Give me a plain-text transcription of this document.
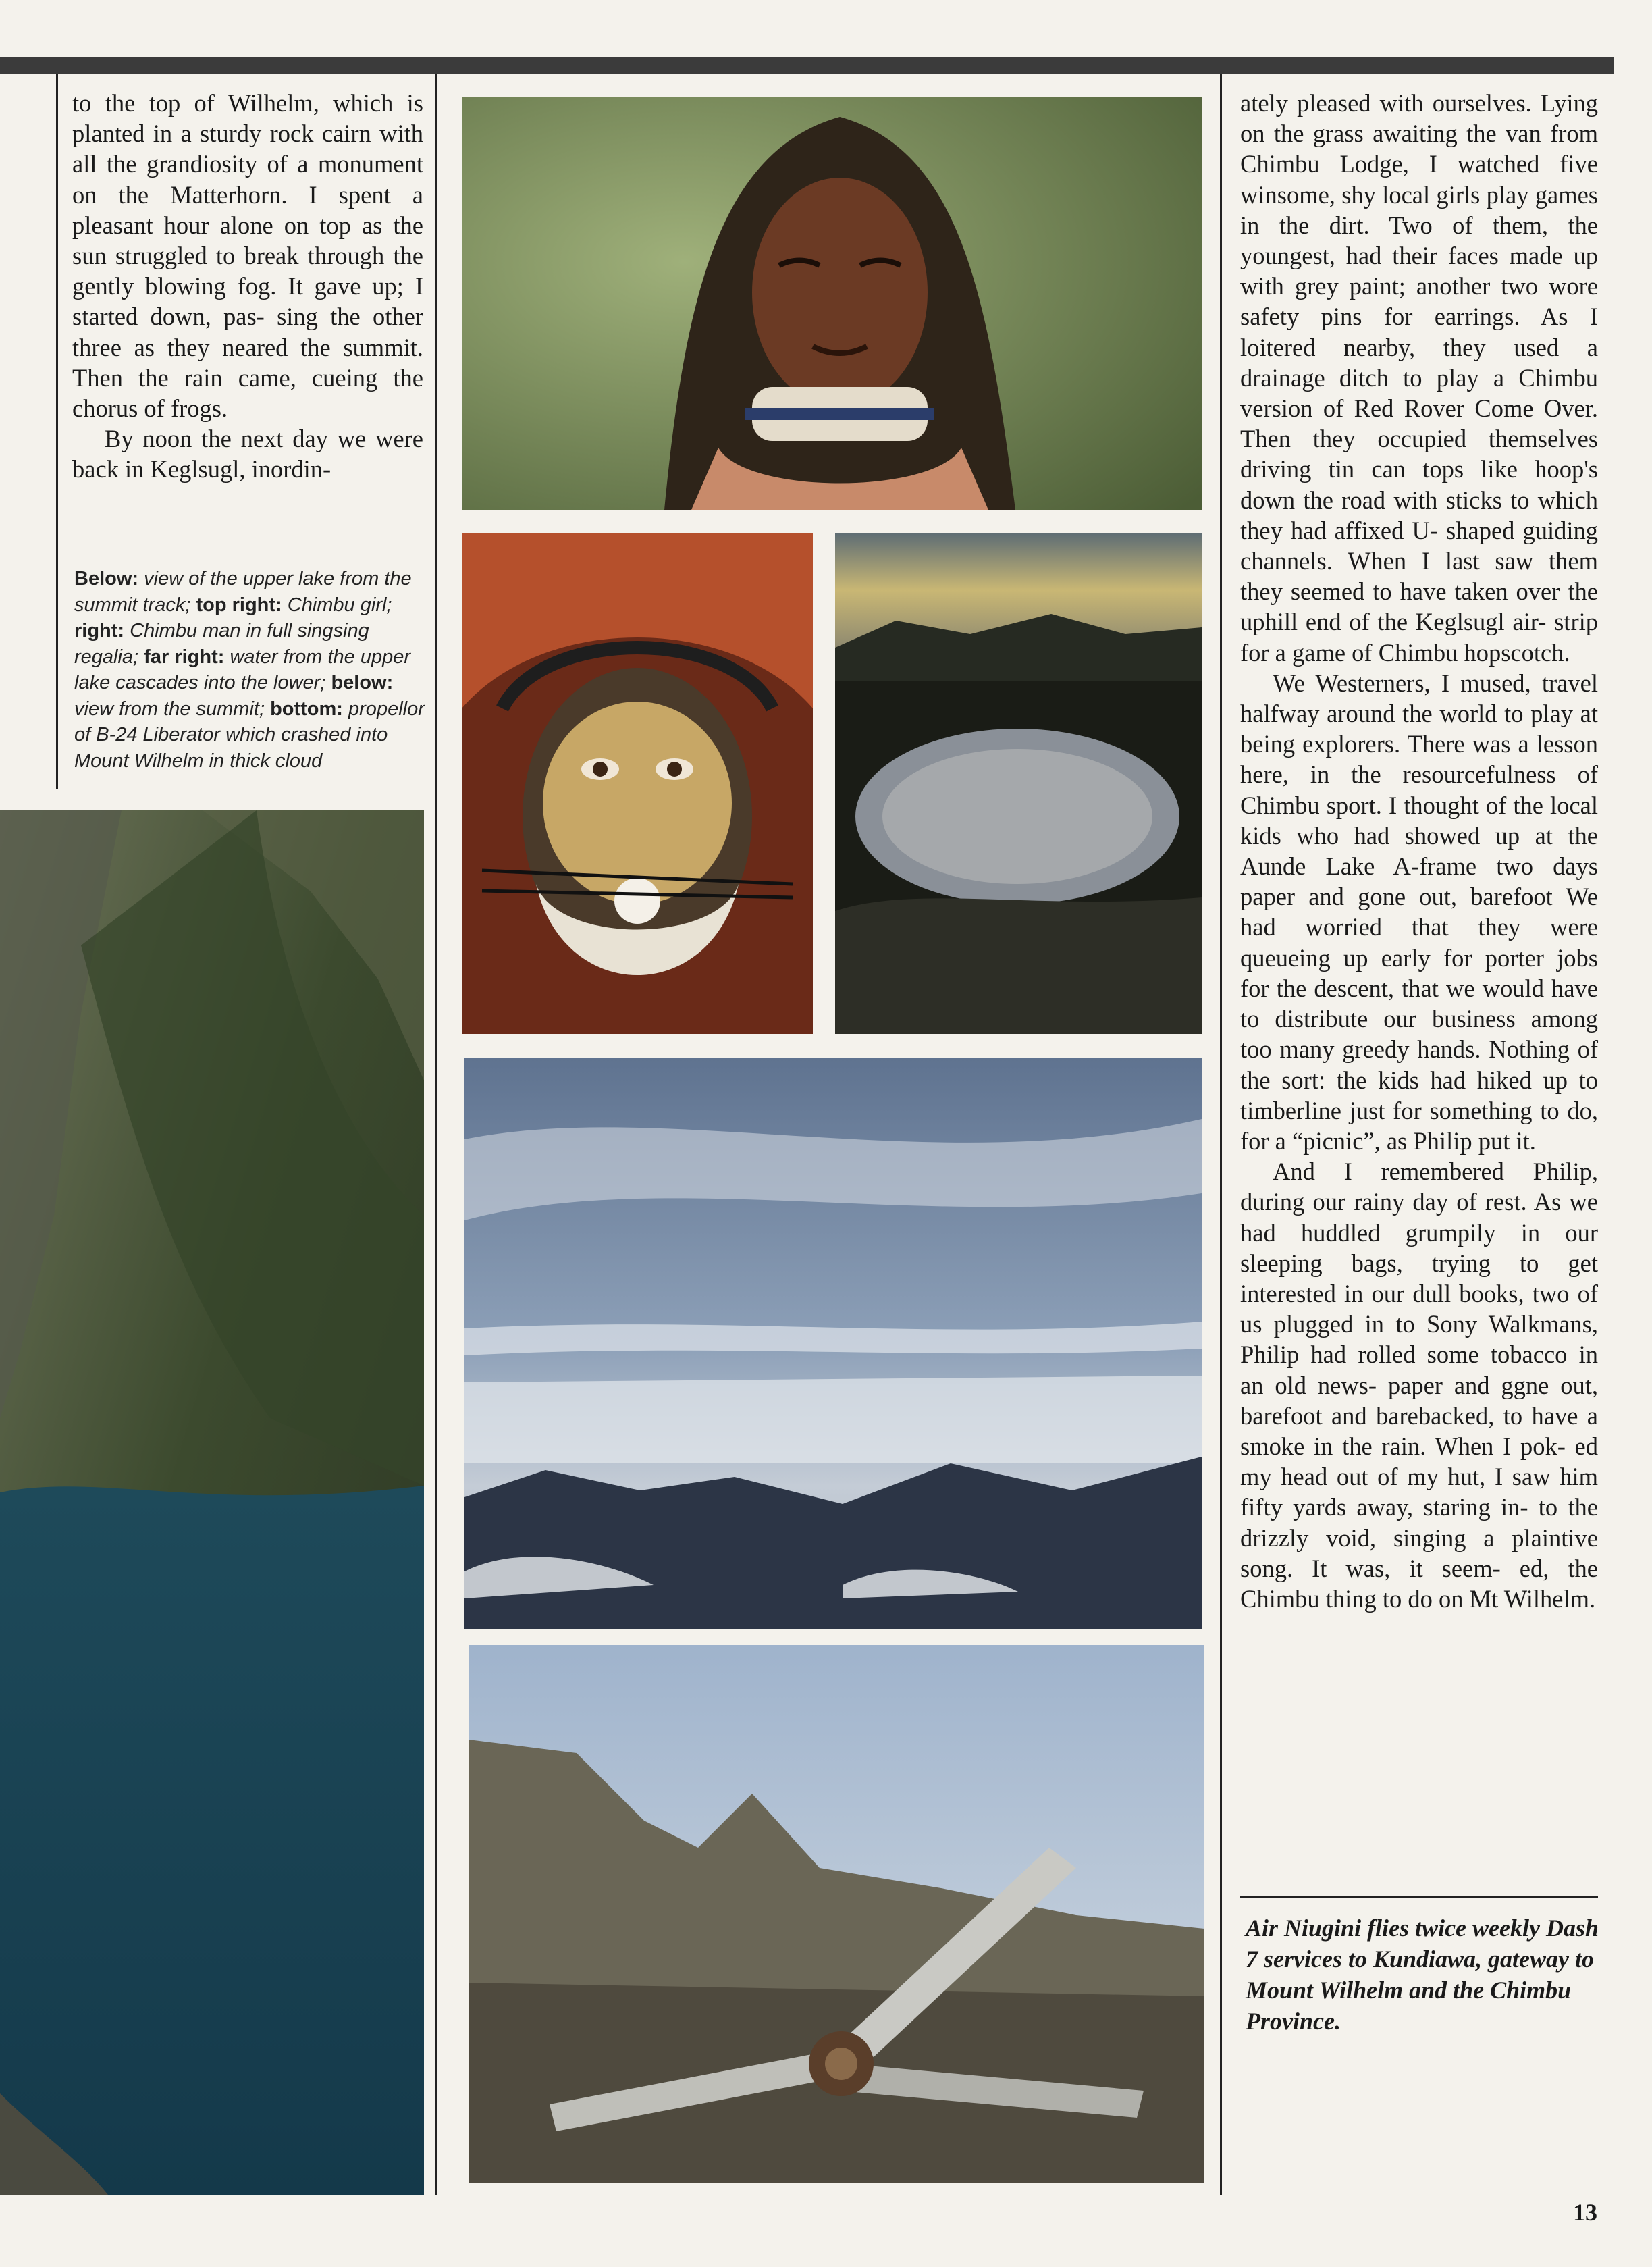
to the top of Wilhelm, which is planted in a sturdy rock cairn with all the grandiosity of a monument on the Matterhorn. I spent a pleasant hour alone on top as the sun struggled to break through the gently blowing fog. It gave up; I started down, pas- sing the other three as they neared the summit. Then the rain came, cueing the chorus of frogs.

By noon the next day we were back in Keglsugl, inordin-

Below: view of the upper lake from the summit track; top right: Chimbu girl; right: Chimbu man in full singsing regalia; far right: water from the upper lake cascades into the lower; below: view from the summit; bottom: propellor of B-24 Liberator which crashed into Mount Wilhelm in thick cloud

ately pleased with ourselves. Lying on the grass awaiting the van from Chimbu Lodge, I watched five winsome, shy local girls play games in the dirt. Two of them, the youngest, had their faces made up with grey paint; another two wore safety pins for earrings. As I loitered nearby, they used a drainage ditch to play a Chimbu version of Red Rover Come Over. Then they occupied themselves driving tin can tops like hoop's down the road with sticks to which they had affixed U- shaped guiding channels. When I last saw them they seemed to have taken over the uphill end of the Keglsugl air- strip for a game of Chimbu hopscotch.

We Westerners, I mused, travel halfway around the world to play at being explorers. There was a lesson here, in the resourcefulness of Chimbu sport. I thought of the local kids who had showed up at the Aunde Lake A-frame two days paper and gone out, barefoot We had worried that they were queueing up early for porter jobs for the descent, that we would have to distribute our business among too many greedy hands. Nothing of the sort: the kids had hiked up to timberline just for something to do, for a “picnic”, as Philip put it.

And I remembered Philip, during our rainy day of rest. As we had huddled grumpily in our sleeping bags, trying to get interested in our dull books, two of us plugged in to Sony Walkmans, Philip had rolled some tobacco in an old news- paper and ggne out, barefoot and barebacked, to have a smoke in the rain. When I pok- ed my head out of my hut, I saw him fifty yards away, staring in- to the drizzly void, singing a plaintive song. It was, it seem- ed, the Chimbu thing to do on Mt Wilhelm.

Air Niugini flies twice weekly Dash 7 services to Kundiawa, gateway to Mount Wilhelm and the Chimbu Province.
13
